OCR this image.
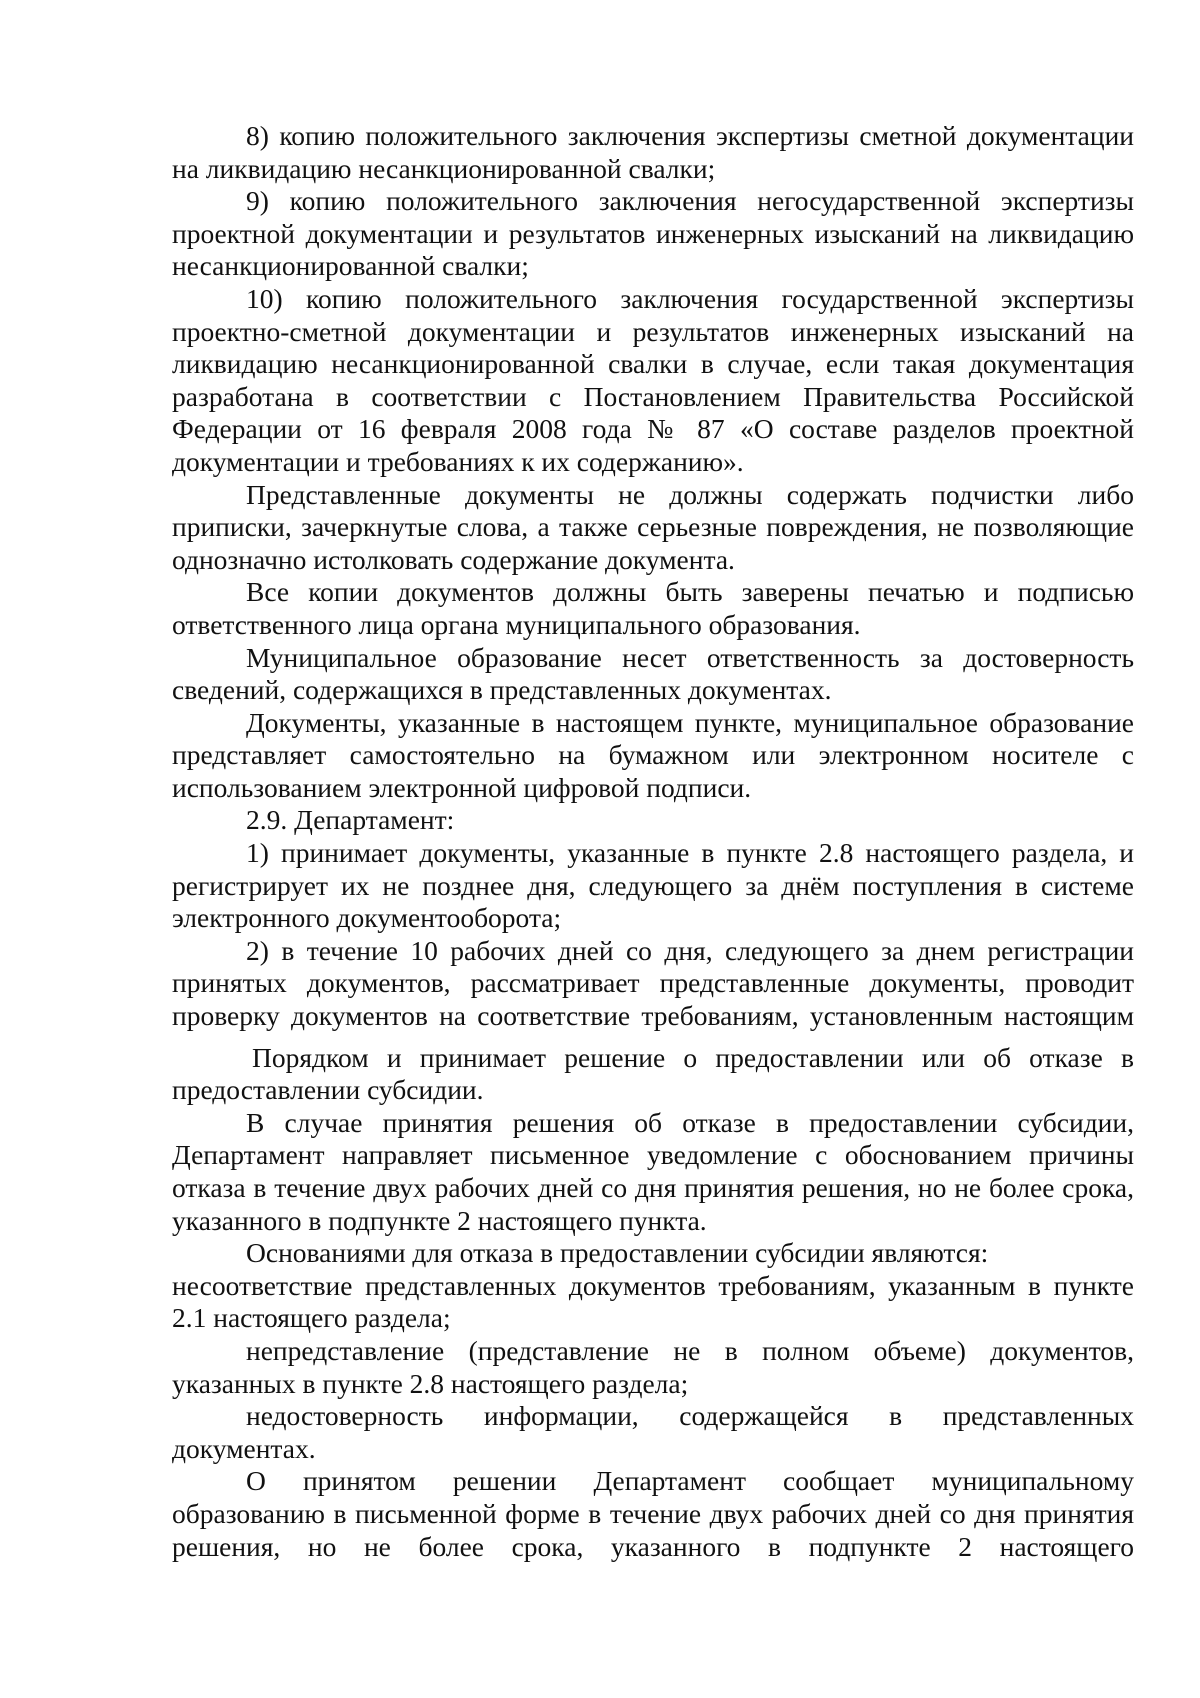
8) копию положительного заключения экспертизы сметной документации на ликвидацию несанкционированной свалки;

9) копию положительного заключения негосударственной экспертизы проектной документации и результатов инженерных изысканий на ликвидацию несанкционированной свалки;

10) копию положительного заключения государственной экспертизы проектно-сметной документации и результатов инженерных изысканий на ликвидацию несанкционированной свалки в случае, если такая документация разработана в соответствии с Постановлением Правительства Российской Федерации от 16 февраля 2008 года № 87 «О составе разделов проектной документации и требованиях к их содержанию».

Представленные документы не должны содержать подчистки либо приписки, зачеркнутые слова, а также серьезные повреждения, не позволяющие однозначно истолковать содержание документа.

Все копии документов должны быть заверены печатью и подписью ответственного лица органа муниципального образования.

Муниципальное образование несет ответственность за достоверность сведений, содержащихся в представленных документах.

Документы, указанные в настоящем пункте, муниципальное образование представляет самостоятельно на бумажном или электронном носителе с использованием электронной цифровой подписи.

2.9. Департамент:

1) принимает документы, указанные в пункте 2.8 настоящего раздела, и регистрирует их не позднее дня, следующего за днём поступления в системе электронного документооборота;

2) в течение 10 рабочих дней со дня, следующего за днем регистрации принятых документов, рассматривает представленные документы, проводит проверку документов на соответствие требованиям, установленным настоящим

Порядком и принимает решение о предоставлении или об отказе в предоставлении субсидии.

В случае принятия решения об отказе в предоставлении субсидии, Департамент направляет письменное уведомление с обоснованием причины отказа в течение двух рабочих дней со дня принятия решения, но не более срока, указанного в подпункте 2 настоящего пункта.

Основаниями для отказа в предоставлении субсидии являются:

несоответствие представленных документов требованиям, указанным в пункте 2.1 настоящего раздела;

непредставление (представление не в полном объеме) документов, указанных в пункте 2.8 настоящего раздела;

недостоверность информации, содержащейся в представленных документах.

О принятом решении Департамент сообщает муниципальному образованию в письменной форме в течение двух рабочих дней со дня принятия решения, но не более срока, указанного в подпункте 2 настоящего
